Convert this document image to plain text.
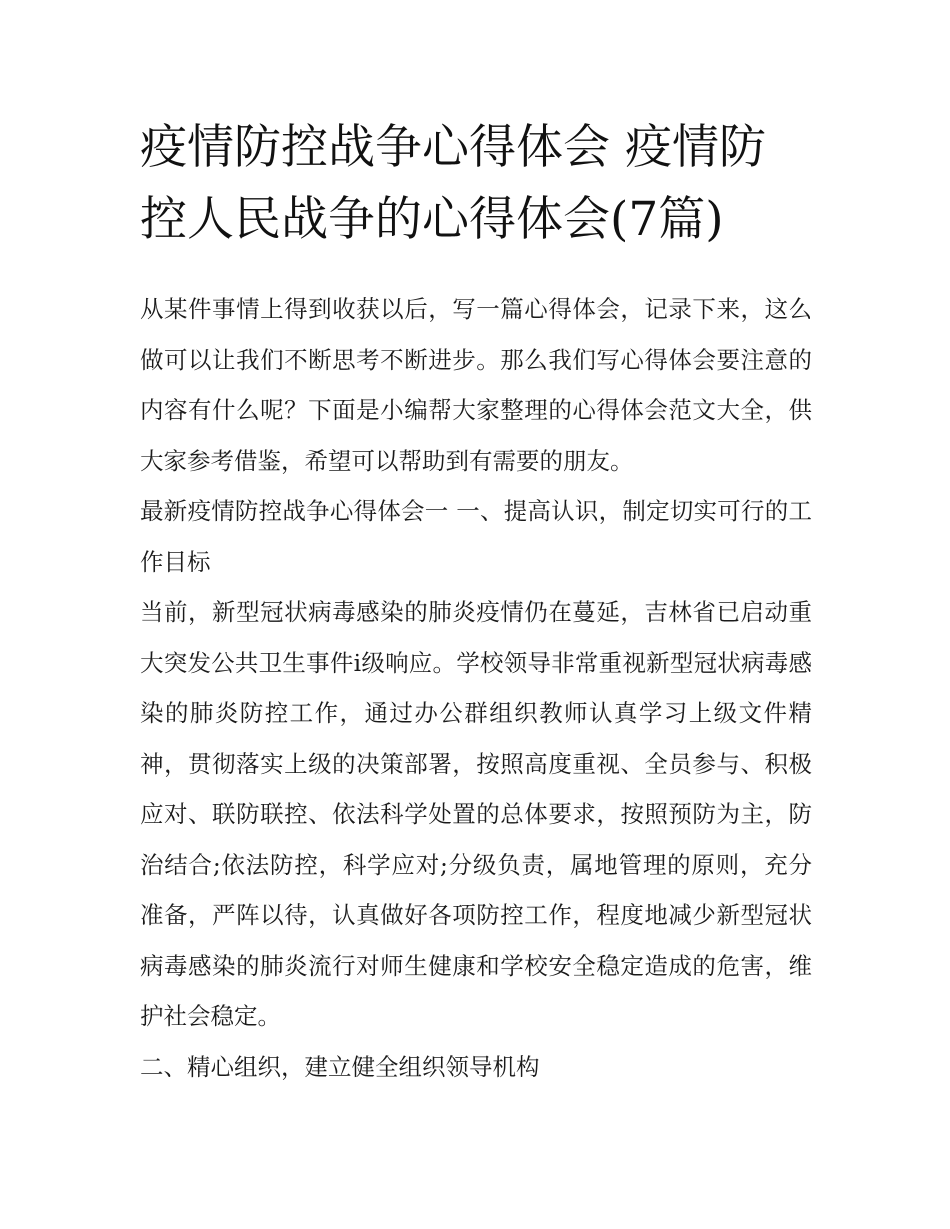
疫情防控战争心得体会 疫情防控人民战争的心得体会(7篇)

从某件事情上得到收获以后，写一篇心得体会，记录下来，这么做可以让我们不断思考不断进步。那么我们写心得体会要注意的内容有什么呢？下面是小编帮大家整理的心得体会范文大全，供大家参考借鉴，希望可以帮助到有需要的朋友。

最新疫情防控战争心得体会一 一、提高认识，制定切实可行的工作目标

当前，新型冠状病毒感染的肺炎疫情仍在蔓延，吉林省已启动重大突发公共卫生事件i级响应。学校领导非常重视新型冠状病毒感染的肺炎防控工作，通过办公群组织教师认真学习上级文件精神，贯彻落实上级的决策部署，按照高度重视、全员参与、积极应对、联防联控、依法科学处置的总体要求，按照预防为主，防治结合;依法防控，科学应对;分级负责，属地管理的原则，充分准备，严阵以待，认真做好各项防控工作，程度地减少新型冠状病毒感染的肺炎流行对师生健康和学校安全稳定造成的危害，维护社会稳定。

二、精心组织，建立健全组织领导机构
